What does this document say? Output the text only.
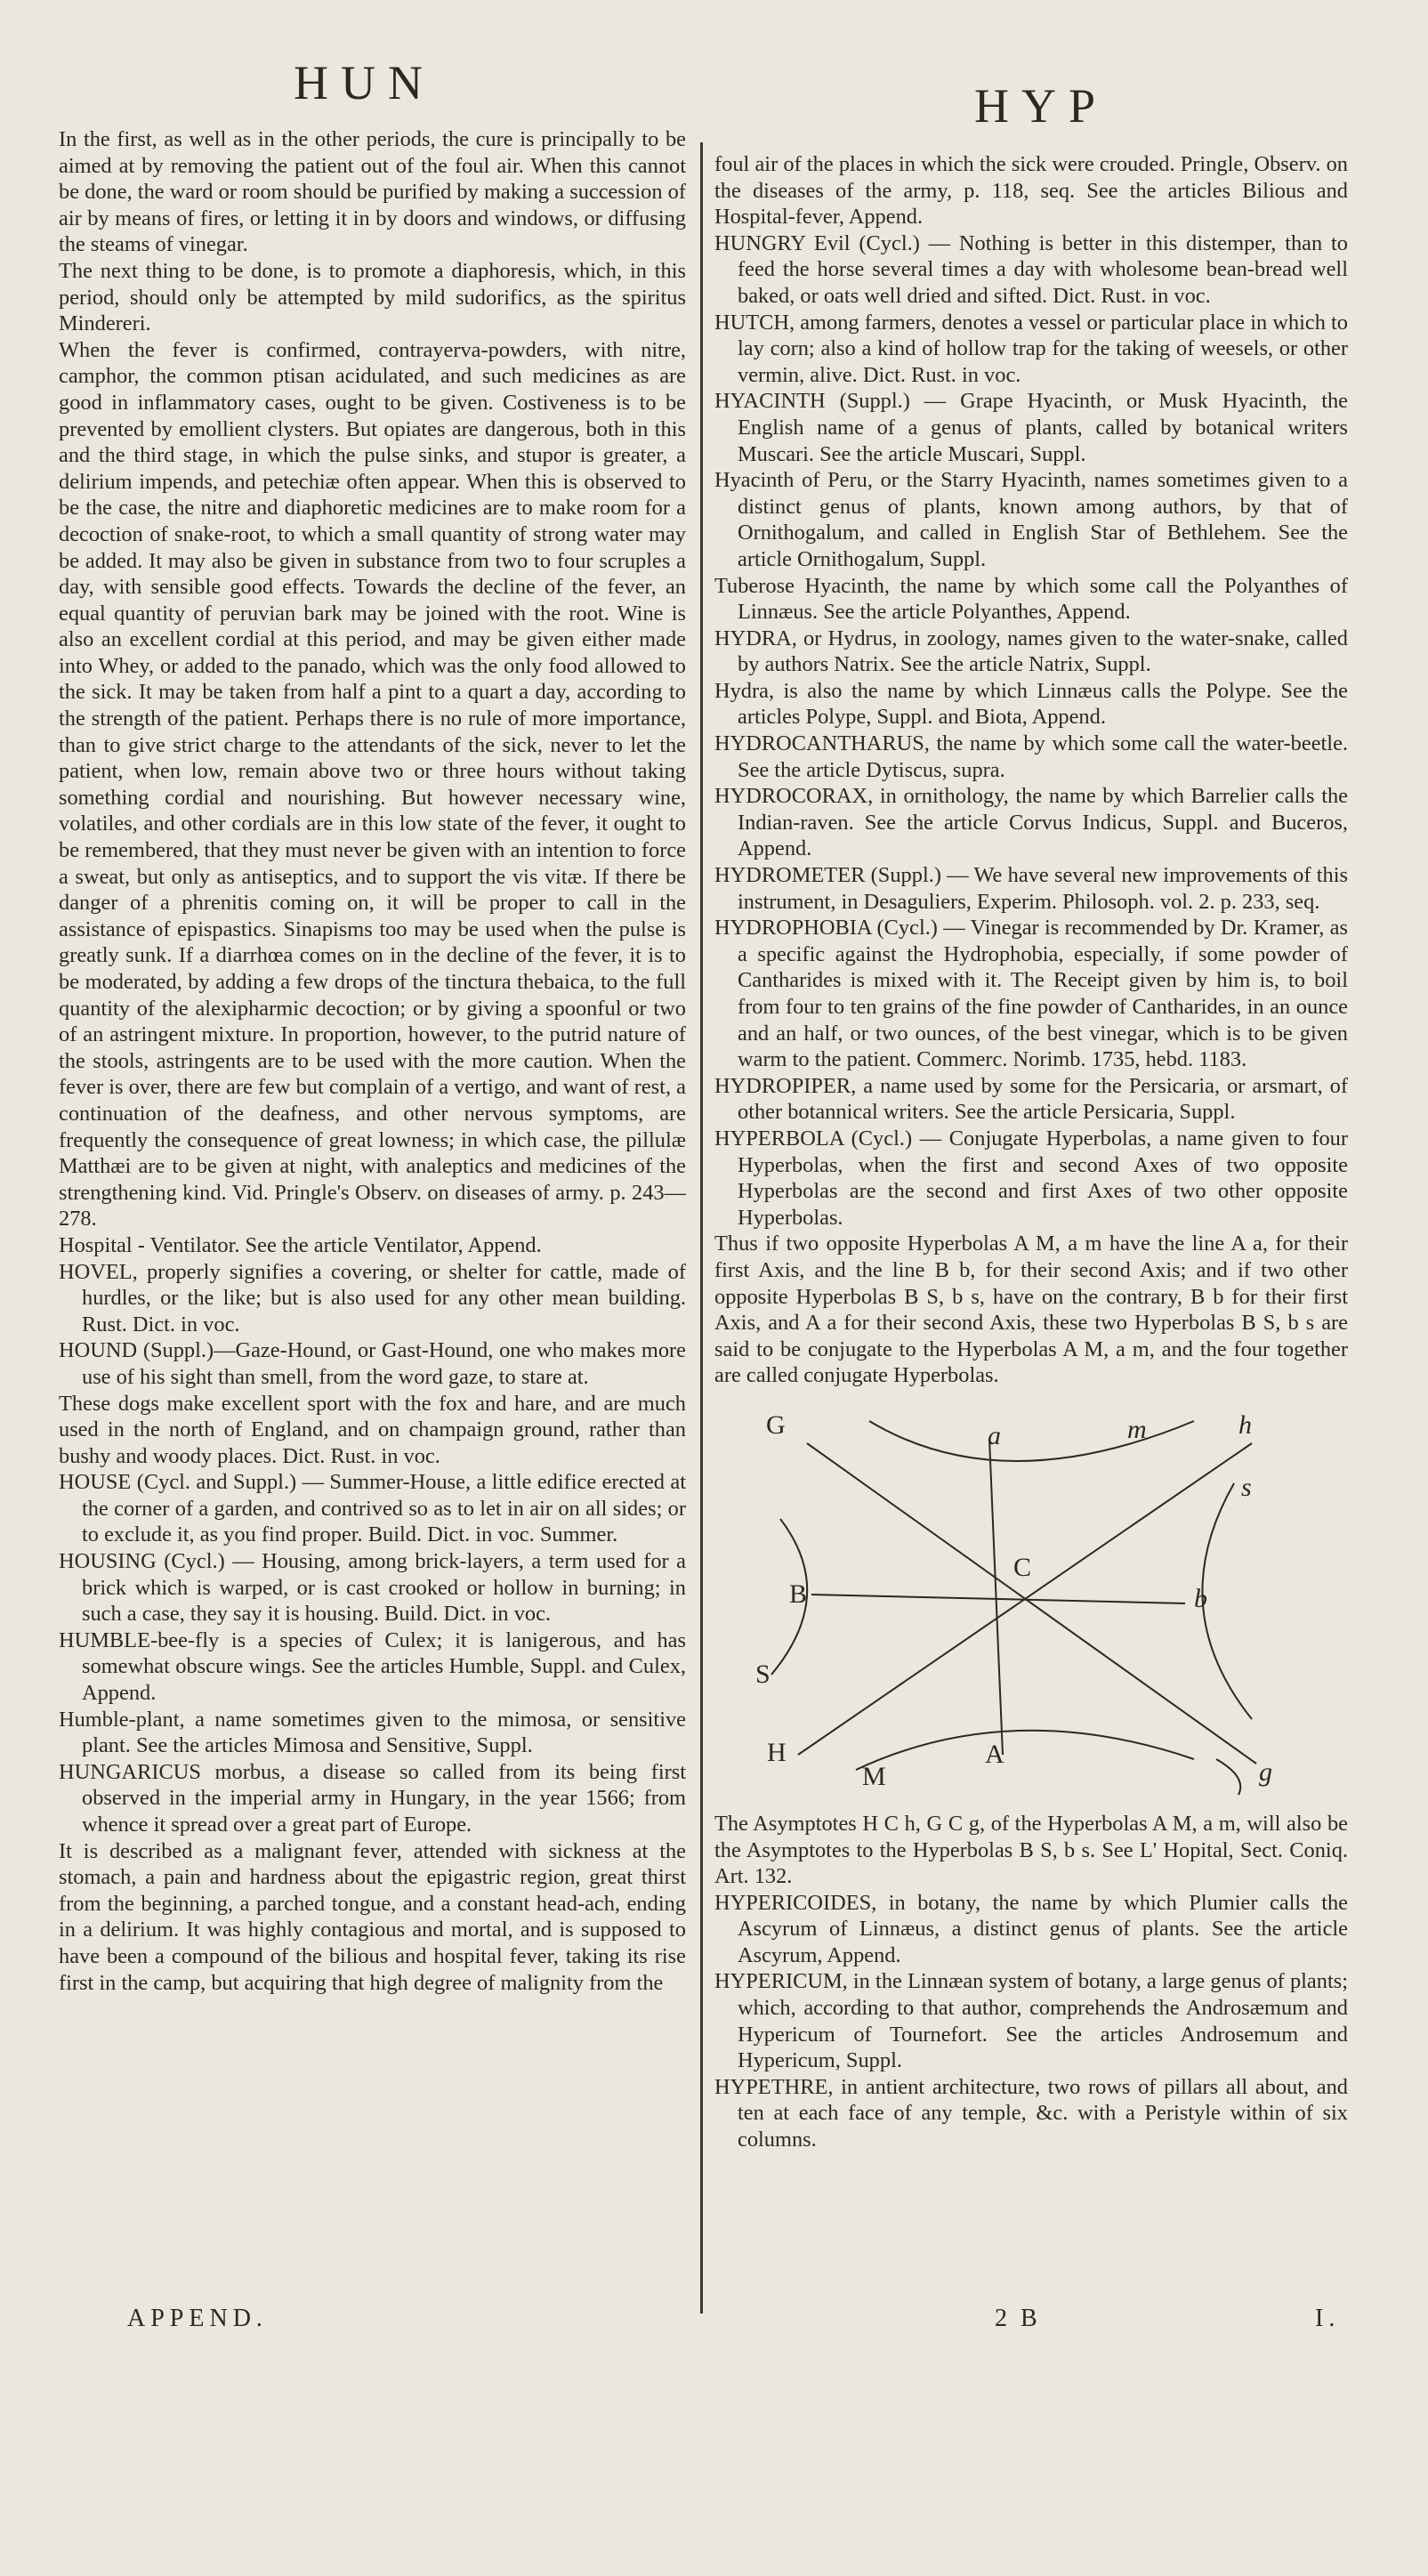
HUN	HYP

In the first, as well as in the other periods, the cure is principally to be aimed at by removing the patient out of the foul air. When this cannot be done, the ward or room should be purified by making a succession of air by means of fires, or letting it in by doors and windows, or diffusing the steams of vinegar.

The next thing to be done, is to promote a diaphoresis, which, in this period, should only be attempted by mild sudorifics, as the spiritus Mindereri.

When the fever is confirmed, contrayerva-powders, with nitre, camphor, the common ptisan acidulated, and such medicines as are good in inflammatory cases, ought to be given. Costiveness is to be prevented by emollient clysters. But opiates are dangerous, both in this and the third stage, in which the pulse sinks, and stupor is greater, a delirium impends, and petechiæ often appear. When this is observed to be the case, the nitre and diaphoretic medicines are to make room for a decoction of snake-root, to which a small quantity of strong water may be added. It may also be given in substance from two to four scruples a day, with sensible good effects. Towards the decline of the fever, an equal quantity of peruvian bark may be joined with the root. Wine is also an excellent cordial at this period, and may be given either made into Whey, or added to the panado, which was the only food allowed to the sick. It may be taken from half a pint to a quart a day, according to the strength of the patient. Perhaps there is no rule of more importance, than to give strict charge to the attendants of the sick, never to let the patient, when low, remain above two or three hours without taking something cordial and nourishing. But however necessary wine, volatiles, and other cordials are in this low state of the fever, it ought to be remembered, that they must never be given with an intention to force a sweat, but only as antiseptics, and to support the vis vitæ. If there be danger of a phrenitis coming on, it will be proper to call in the assistance of epispastics. Sinapisms too may be used when the pulse is greatly sunk. If a diarrhœa comes on in the decline of the fever, it is to be moderated, by adding a few drops of the tinctura thebaica, to the full quantity of the alexipharmic decoction; or by giving a spoonful or two of an astringent mixture. In proportion, however, to the putrid nature of the stools, astringents are to be used with the more caution. When the fever is over, there are few but complain of a vertigo, and want of rest, a continuation of the deafness, and other nervous symptoms, are frequently the consequence of great lowness; in which case, the pillulæ Matthæi are to be given at night, with analeptics and medicines of the strengthening kind. Vid. Pringle's Observ. on diseases of army. p. 243—278.

Hospital - Ventilator. See the article Ventilator, Append.

HOVEL, properly signifies a covering, or shelter for cattle, made of hurdles, or the like; but is also used for any other mean building. Rust. Dict. in voc.

HOUND (Suppl.)—Gaze-Hound, or Gast-Hound, one who makes more use of his sight than smell, from the word gaze, to stare at.

These dogs make excellent sport with the fox and hare, and are much used in the north of England, and on champaign ground, rather than bushy and woody places. Dict. Rust. in voc.

HOUSE (Cycl. and Suppl.) — Summer-House, a little edifice erected at the corner of a garden, and contrived so as to let in air on all sides; or to exclude it, as you find proper. Build. Dict. in voc. Summer.

HOUSING (Cycl.) — Housing, among brick-layers, a term used for a brick which is warped, or is cast crooked or hollow in burning; in such a case, they say it is housing. Build. Dict. in voc.

HUMBLE-bee-fly is a species of Culex; it is lanigerous, and has somewhat obscure wings. See the articles Humble, Suppl. and Culex, Append.

Humble-plant, a name sometimes given to the mimosa, or sensitive plant. See the articles Mimosa and Sensitive, Suppl.

HUNGARICUS morbus, a disease so called from its being first observed in the imperial army in Hungary, in the year 1566; from whence it spread over a great part of Europe.

It is described as a malignant fever, attended with sickness at the stomach, a pain and hardness about the epigastric region, great thirst from the beginning, a parched tongue, and a constant head-ach, ending in a delirium. It was highly contagious and mortal, and is supposed to have been a compound of the bilious and hospital fever, taking its rise first in the camp, but acquiring that high degree of malignity from the

foul air of the places in which the sick were crouded. Pringle, Observ. on the diseases of the army, p. 118, seq. See the articles Bilious and Hospital-fever, Append.

HUNGRY Evil (Cycl.) — Nothing is better in this distemper, than to feed the horse several times a day with wholesome bean-bread well baked, or oats well dried and sifted. Dict. Rust. in voc.

HUTCH, among farmers, denotes a vessel or particular place in which to lay corn; also a kind of hollow trap for the taking of weesels, or other vermin, alive. Dict. Rust. in voc.

HYACINTH (Suppl.) — Grape Hyacinth, or Musk Hyacinth, the English name of a genus of plants, called by botanical writers Muscari. See the article Muscari, Suppl.

Hyacinth of Peru, or the Starry Hyacinth, names sometimes given to a distinct genus of plants, known among authors, by that of Ornithogalum, and called in English Star of Bethlehem. See the article Ornithogalum, Suppl.

Tuberose Hyacinth, the name by which some call the Polyanthes of Linnæus. See the article Polyanthes, Append.

HYDRA, or Hydrus, in zoology, names given to the water-snake, called by authors Natrix. See the article Natrix, Suppl.

Hydra, is also the name by which Linnæus calls the Polype. See the articles Polype, Suppl. and Biota, Append.

HYDROCANTHARUS, the name by which some call the water-beetle. See the article Dytiscus, supra.

HYDROCORAX, in ornithology, the name by which Barrelier calls the Indian-raven. See the article Corvus Indicus, Suppl. and Buceros, Append.

HYDROMETER (Suppl.) — We have several new improvements of this instrument, in Desaguliers, Experim. Philosoph. vol. 2. p. 233, seq.

HYDROPHOBIA (Cycl.) — Vinegar is recommended by Dr. Kramer, as a specific against the Hydrophobia, especially, if some powder of Cantharides is mixed with it. The Receipt given by him is, to boil from four to ten grains of the fine powder of Cantharides, in an ounce and an half, or two ounces, of the best vinegar, which is to be given warm to the patient. Commerc. Norimb. 1735, hebd. 1183.

HYDROPIPER, a name used by some for the Persicaria, or arsmart, of other botannical writers. See the article Persicaria, Suppl.

HYPERBOLA (Cycl.) — Conjugate Hyperbolas, a name given to four Hyperbolas, when the first and second Axes of two opposite Hyperbolas are the second and first Axes of two other opposite Hyperbolas.

Thus if two opposite Hyperbolas A M, a m have the line A a, for their first Axis, and the line B b, for their second Axis; and if two other opposite Hyperbolas B S, b s, have on the contrary, B b for their first Axis, and A a for their second Axis, these two Hyperbolas B S, b s are said to be conjugate to the Hyperbolas A M, a m, and the four together are called conjugate Hyperbolas.

G	a	m	h
s
C
B	b
S
H	A
M	g

The Asymptotes H C h, G C g, of the Hyperbolas A M, a m, will also be the Asymptotes to the Hyperbolas B S, b s. See L' Hopital, Sect. Coniq. Art. 132.

HYPERICOIDES, in botany, the name by which Plumier calls the Ascyrum of Linnæus, a distinct genus of plants. See the article Ascyrum, Append.

HYPERICUM, in the Linnæan system of botany, a large genus of plants; which, according to that author, comprehends the Androsæmum and Hypericum of Tournefort. See the articles Androsemum and Hypericum, Suppl.

HYPETHRE, in antient architecture, two rows of pillars all about, and ten at each face of any temple, &c. with a Peristyle within of six columns.

APPEND.	2 B	I.
